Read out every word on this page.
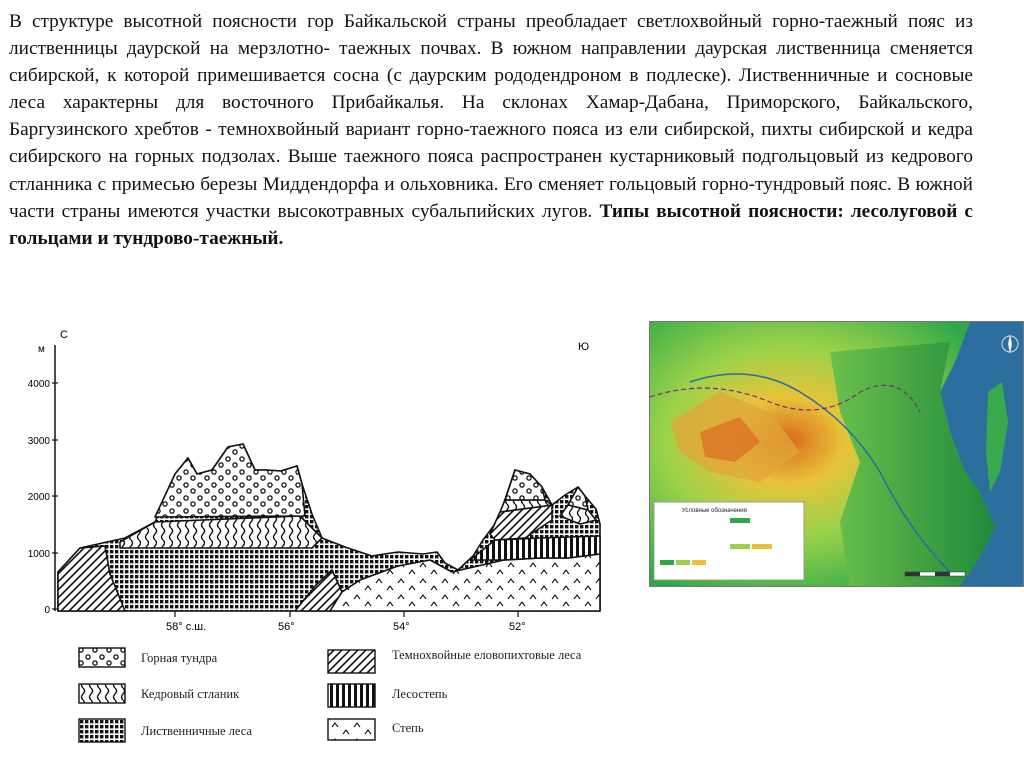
В структуре высотной поясности гор Байкальской страны преобладает светлохвойный горно-таежный пояс из лиственницы даурской на мерзлотно- таежных почвах. В южном направлении даурская лиственница сменяется сибирской, к которой примешивается сосна (с даурским рододендроном в подлеске). Лиственничные и сосновые леса характерны для восточного Прибайкалья. На склонах Хамар-Дабана, Приморского, Байкальского, Баргузинского хребтов - темнохвойный вариант горно-таежного пояса из ели сибирской, пихты сибирской и кедра сибирского на горных подзолах. Выше таежного пояса распространен кустарниковый подгольцовый из кедрового стланника с примесью березы Миддендорфа и ольховника. Его сменяет гольцовый горно-тундровый пояс. В южной части страны имеются участки высокотравных субальпийских лугов. Типы высотной поясности: лесолуговой с гольцами и тундрово-таежный.

С
м	Ю
4000
3000
2000
1000
0
58° с.ш.	56°	54°	52°
Горная тундра
Кедровый стланик
Лиственничные леса
Темнохвойные еловопихтовые леса
Лесостепь
Степь
Условные обозначения
